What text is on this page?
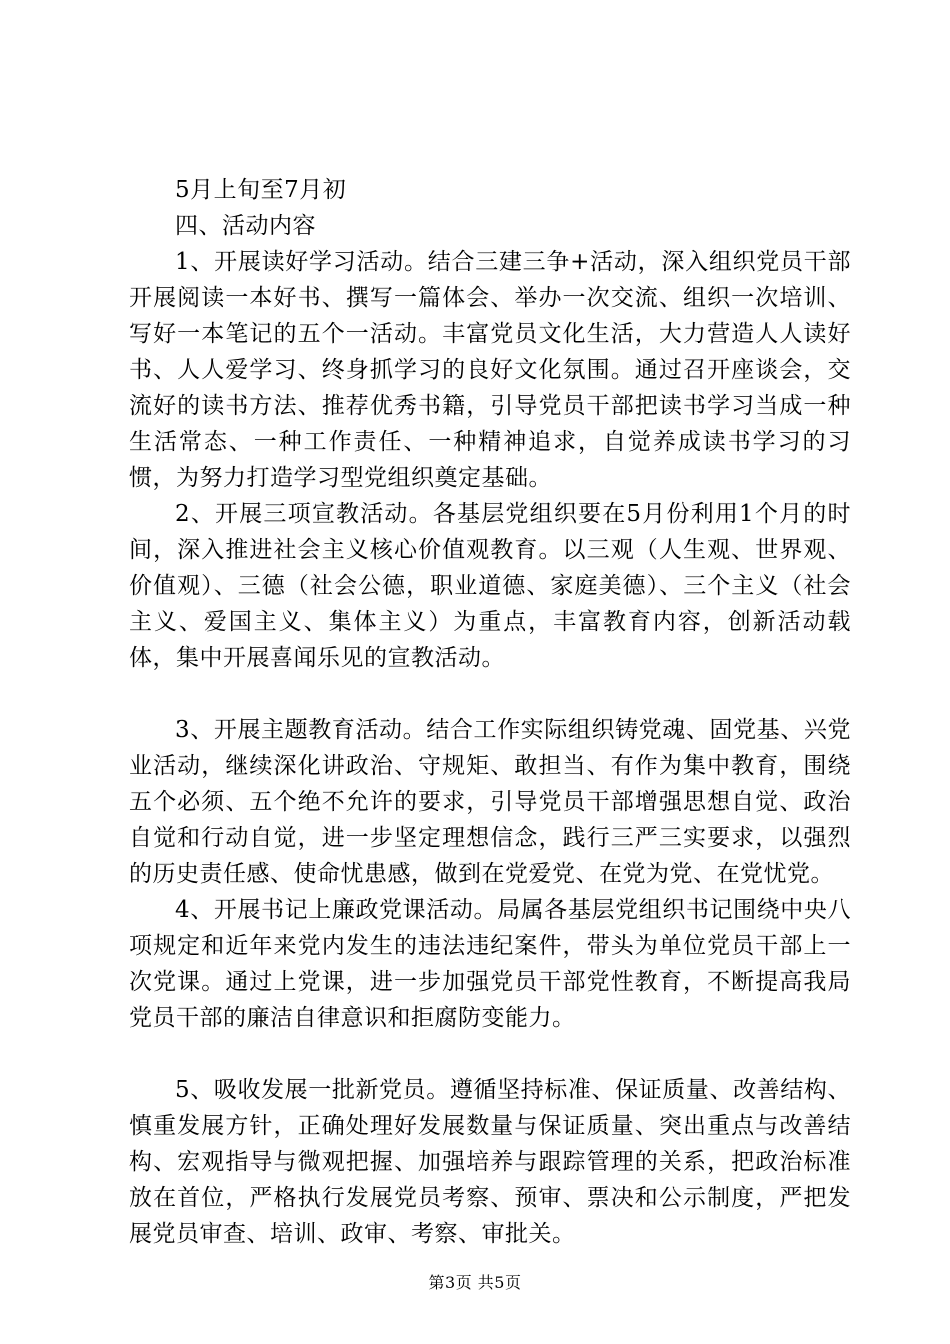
5月上旬至7月初

四、活动内容

1、开展读好学习活动。结合三建三争+活动，深入组织党员干部开展阅读一本好书、撰写一篇体会、举办一次交流、组织一次培训、写好一本笔记的五个一活动。丰富党员文化生活，大力营造人人读好书、人人爱学习、终身抓学习的良好文化氛围。通过召开座谈会，交流好的读书方法、推荐优秀书籍，引导党员干部把读书学习当成一种生活常态、一种工作责任、一种精神追求，自觉养成读书学习的习惯，为努力打造学习型党组织奠定基础。

2、开展三项宣教活动。各基层党组织要在5月份利用1个月的时间，深入推进社会主义核心价值观教育。以三观（人生观、世界观、价值观）、三德（社会公德，职业道德、家庭美德）、三个主义（社会主义、爱国主义、集体主义）为重点，丰富教育内容，创新活动载体，集中开展喜闻乐见的宣教活动。

3、开展主题教育活动。结合工作实际组织铸党魂、固党基、兴党业活动，继续深化讲政治、守规矩、敢担当、有作为集中教育，围绕五个必须、五个绝不允许的要求，引导党员干部增强思想自觉、政治自觉和行动自觉，进一步坚定理想信念，践行三严三实要求，以强烈的历史责任感、使命忧患感，做到在党爱党、在党为党、在党忧党。

4、开展书记上廉政党课活动。局属各基层党组织书记围绕中央八项规定和近年来党内发生的违法违纪案件，带头为单位党员干部上一次党课。通过上党课，进一步加强党员干部党性教育，不断提高我局党员干部的廉洁自律意识和拒腐防变能力。

5、吸收发展一批新党员。遵循坚持标准、保证质量、改善结构、慎重发展方针，正确处理好发展数量与保证质量、突出重点与改善结构、宏观指导与微观把握、加强培养与跟踪管理的关系，把政治标准放在首位，严格执行发展党员考察、预审、票决和公示制度，严把发展党员审查、培训、政审、考察、审批关。

第3页 共5页
